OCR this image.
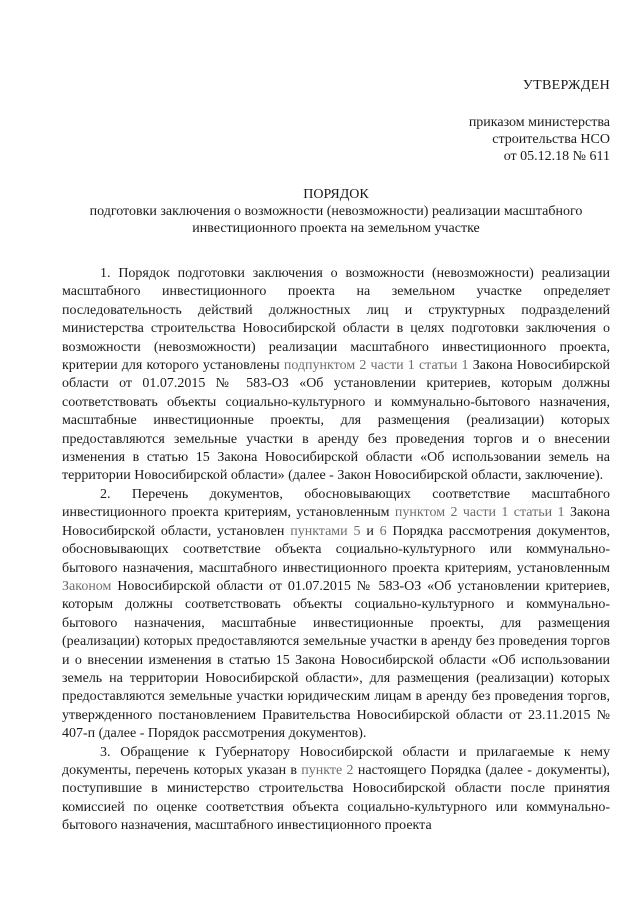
УТВЕРЖДЕН
приказом министерства
строительства НСО
от 05.12.18 № 611
ПОРЯДОК
подготовки заключения о возможности (невозможности) реализации масштабного
инвестиционного проекта на земельном участке

1. Порядок подготовки заключения о возможности (невозможности) реализации масштабного инвестиционного проекта на земельном участке определяет последовательность действий должностных лиц и структурных подразделений министерства строительства Новосибирской области в целях подготовки заключения о возможности (невозможности) реализации масштабного инвестиционного проекта, критерии для которого установлены подпунктом 2 части 1 статьи 1 Закона Новосибирской области от 01.07.2015 № 583-ОЗ «Об установлении критериев, которым должны соответствовать объекты социально-культурного и коммунально-бытового назначения, масштабные инвестиционные проекты, для размещения (реализации) которых предоставляются земельные участки в аренду без проведения торгов и о внесении изменения в статью 15 Закона Новосибирской области «Об использовании земель на территории Новосибирской области» (далее - Закон Новосибирской области, заключение).

2. Перечень документов, обосновывающих соответствие масштабного инвестиционного проекта критериям, установленным пунктом 2 части 1 статьи 1 Закона Новосибирской области, установлен пунктами 5 и 6 Порядка рассмотрения документов, обосновывающих соответствие объекта социально-культурного или коммунально-бытового назначения, масштабного инвестиционного проекта критериям, установленным Законом Новосибирской области от 01.07.2015 № 583-ОЗ «Об установлении критериев, которым должны соответствовать объекты социально-культурного и коммунально-бытового назначения, масштабные инвестиционные проекты, для размещения (реализации) которых предоставляются земельные участки в аренду без проведения торгов и о внесении изменения в статью 15 Закона Новосибирской области «Об использовании земель на территории Новосибирской области», для размещения (реализации) которых предоставляются земельные участки юридическим лицам в аренду без проведения торгов, утвержденного постановлением Правительства Новосибирской области от 23.11.2015 № 407-п (далее - Порядок рассмотрения документов).

3. Обращение к Губернатору Новосибирской области и прилагаемые к нему документы, перечень которых указан в пункте 2 настоящего Порядка (далее - документы), поступившие в министерство строительства Новосибирской области после принятия комиссией по оценке соответствия объекта социально-культурного или коммунально-бытового назначения, масштабного инвестиционного проекта
